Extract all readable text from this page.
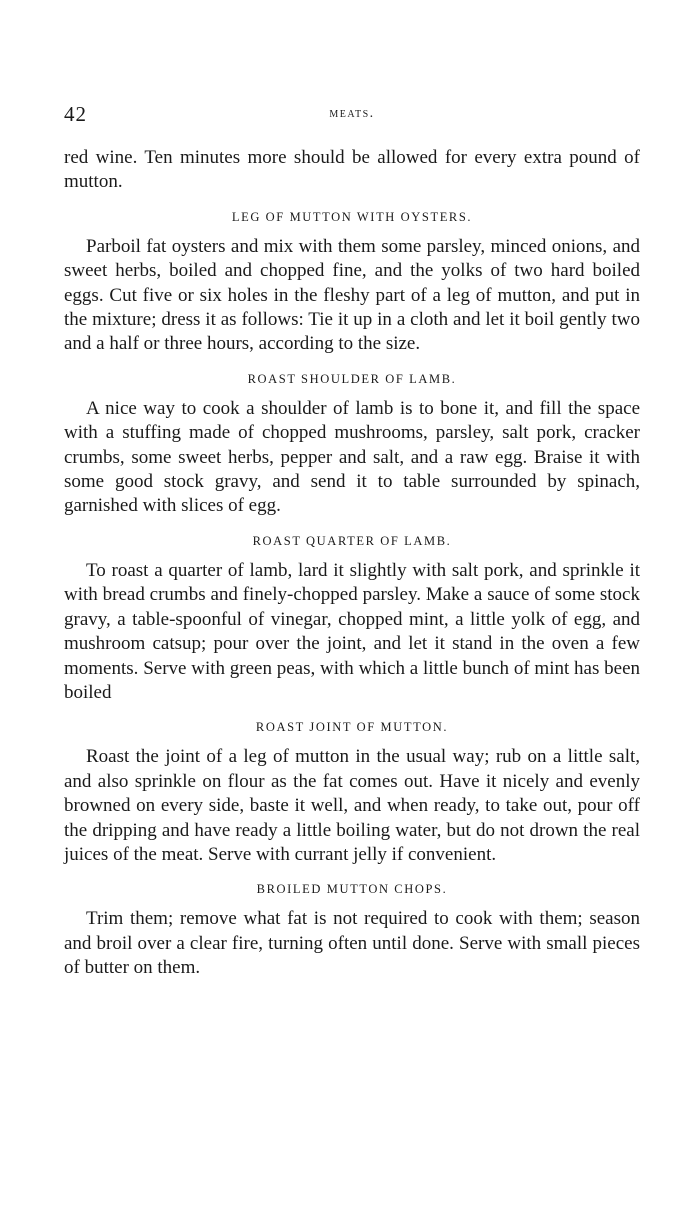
42	meats.

red wine. Ten minutes more should be allowed for every extra pound of mutton.

LEG OF MUTTON WITH OYSTERS.

Parboil fat oysters and mix with them some parsley, minced onions, and sweet herbs, boiled and chopped fine, and the yolks of two hard boiled eggs. Cut five or six holes in the fleshy part of a leg of mutton, and put in the mixture; dress it as follows: Tie it up in a cloth and let it boil gently two and a half or three hours, according to the size.

ROAST SHOULDER OF LAMB.

A nice way to cook a shoulder of lamb is to bone it, and fill the space with a stuffing made of chopped mushrooms, parsley, salt pork, cracker crumbs, some sweet herbs, pepper and salt, and a raw egg. Braise it with some good stock gravy, and send it to table surrounded by spinach, garnished with slices of egg.

ROAST QUARTER OF LAMB.

To roast a quarter of lamb, lard it slightly with salt pork, and sprinkle it with bread crumbs and finely-chopped parsley. Make a sauce of some stock gravy, a table-spoonful of vinegar, chopped mint, a little yolk of egg, and mushroom catsup; pour over the joint, and let it stand in the oven a few moments. Serve with green peas, with which a little bunch of mint has been boiled

ROAST JOINT OF MUTTON.

Roast the joint of a leg of mutton in the usual way; rub on a little salt, and also sprinkle on flour as the fat comes out. Have it nicely and evenly browned on every side, baste it well, and when ready, to take out, pour off the dripping and have ready a little boiling water, but do not drown the real juices of the meat. Serve with currant jelly if convenient.

BROILED MUTTON CHOPS.

Trim them; remove what fat is not required to cook with them; season and broil over a clear fire, turning often until done. Serve with small pieces of butter on them.
